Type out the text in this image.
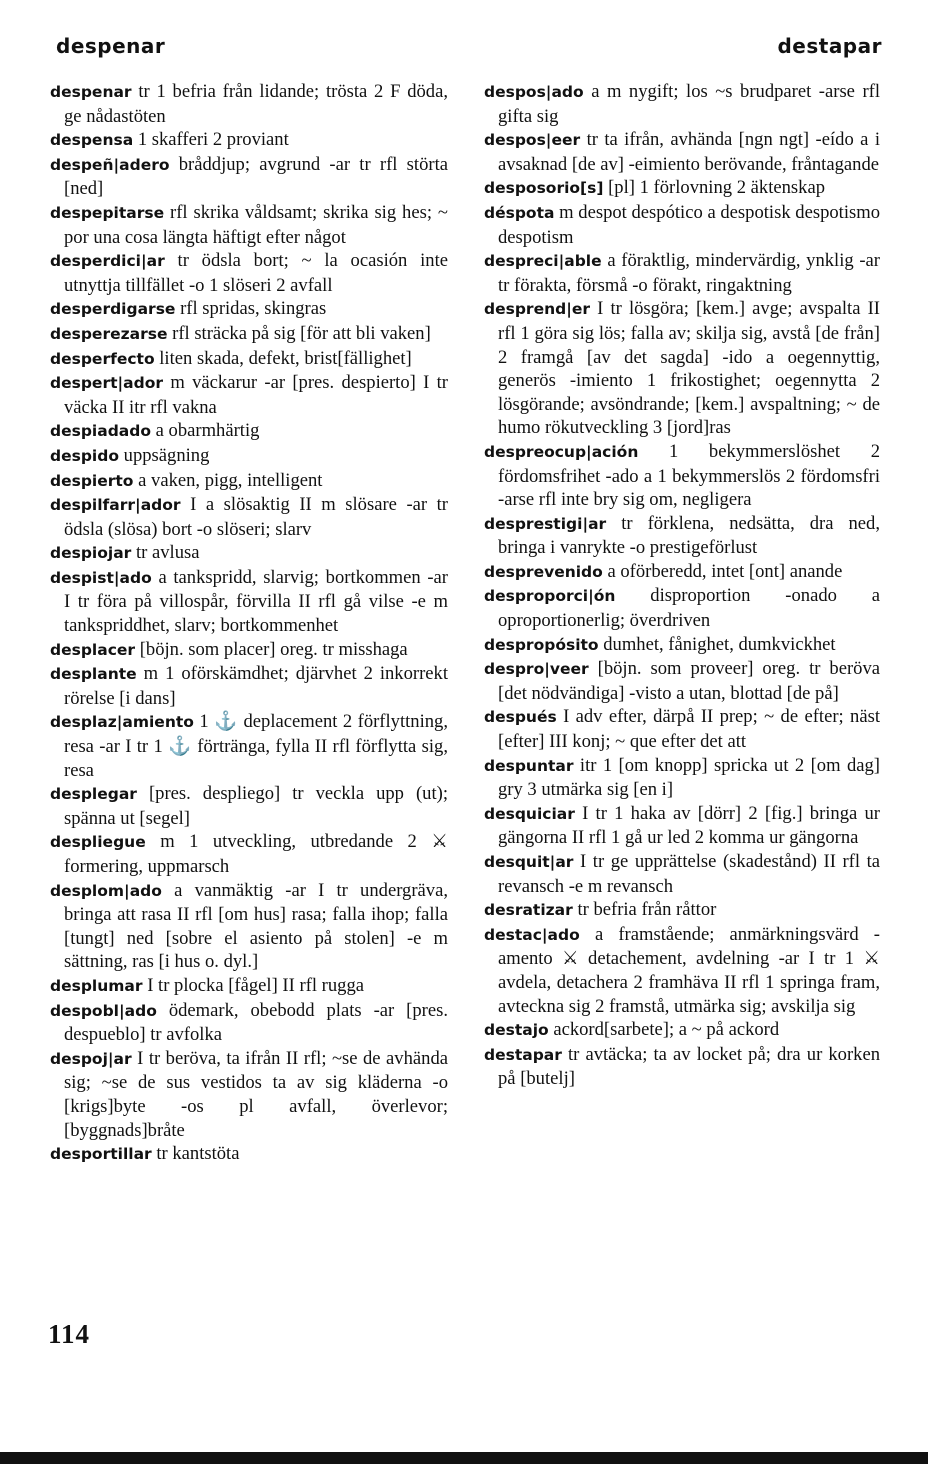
despenar	destapar

despenar tr 1 befria från lidande; trösta 2 F döda, ge nådastöten

despensa 1 skafferi 2 proviant

despeñ|adero bråddjup; avgrund -ar tr rfl störta [ned]

despepitarse rfl skrika våldsamt; skrika sig hes; ~ por una cosa längta häftigt efter något

desperdici|ar tr ödsla bort; ~ la ocasión inte utnyttja tillfället -o 1 slöseri 2 avfall

desperdigarse rfl spridas, skingras

desperezarse rfl sträcka på sig [för att bli vaken]

desperfecto liten skada, defekt, brist[fällighet]

despert|ador m väckarur -ar [pres. despierto] I tr väcka II itr rfl vakna

despiadado a obarmhärtig

despido uppsägning

despierto a vaken, pigg, intelligent

despilfarr|ador I a slösaktig II m slösare -ar tr ödsla (slösa) bort -o slöseri; slarv

despiojar tr avlusa

despist|ado a tankspridd, slarvig; bortkommen -ar I tr föra på villospår, förvilla II rfl gå vilse -e m tankspriddhet, slarv; bortkommenhet

desplacer [böjn. som placer] oreg. tr misshaga

desplante m 1 oförskämdhet; djärvhet 2 inkorrekt rörelse [i dans]

desplaz|amiento 1 ⚓ deplacement 2 förflyttning, resa -ar I tr 1 ⚓ förtränga, fylla II rfl förflytta sig, resa

desplegar [pres. despliego] tr veckla upp (ut); spänna ut [segel]

despliegue m 1 utveckling, utbredande 2 ⚔ formering, uppmarsch

desplom|ado a vanmäktig -ar I tr undergräva, bringa att rasa II rfl [om hus] rasa; falla ihop; falla [tungt] ned [sobre el asiento på stolen] -e m sättning, ras [i hus o. dyl.]

desplumar I tr plocka [fågel] II rfl rugga

despobl|ado ödemark, obebodd plats -ar [pres. despueblo] tr avfolka

despoj|ar I tr beröva, ta ifrån II rfl; ~se de avhända sig; ~se de sus vestidos ta av sig kläderna -o [krigs]byte -os pl avfall, överlevor; [byggnads]bråte

desportillar tr kantstöta

despos|ado a m nygift; los ~s brudparet -arse rfl gifta sig

despos|eer tr ta ifrån, avhända [ngn ngt] -eído a i avsaknad [de av] -eimiento berövande, fråntagande

desposorio[s] [pl] 1 förlovning 2 äktenskap

déspota m despot despótico a despotisk despotismo despotism

despreci|able a föraktlig, mindervärdig, ynklig -ar tr förakta, försmå -o förakt, ringaktning

desprend|er I tr lösgöra; [kem.] avge; avspalta II rfl 1 göra sig lös; falla av; skilja sig, avstå [de från] 2 framgå [av det sagda] -ido a oegennyttig, generös -imiento 1 frikostighet; oegennytta 2 lösgörande; avsöndrande; [kem.] avspaltning; ~ de humo rökutveckling 3 [jord]ras

despreocup|ación 1 bekymmerslöshet 2 fördomsfrihet -ado a 1 bekymmerslös 2 fördomsfri -arse rfl inte bry sig om, negligera

desprestigi|ar tr förklena, nedsätta, dra ned, bringa i vanrykte -o prestigeförlust

desprevenido a oförberedd, intet [ont] anande

desproporci|ón disproportion -onado a oproportionerlig; överdriven

despropósito dumhet, fånighet, dumkvickhet

despro|veer [böjn. som proveer] oreg. tr beröva [det nödvändiga] -visto a utan, blottad [de på]

después I adv efter, därpå II prep; ~ de efter; näst [efter] III konj; ~ que efter det att

despuntar itr 1 [om knopp] spricka ut 2 [om dag] gry 3 utmärka sig [en i]

desquiciar I tr 1 haka av [dörr] 2 [fig.] bringa ur gängorna II rfl 1 gå ur led 2 komma ur gängorna

desquit|ar I tr ge upprättelse (skadestånd) II rfl ta revansch -e m revansch

desratizar tr befria från råttor

destac|ado a framstående; anmärkningsvärd -amento ⚔ detachement, avdelning -ar I tr 1 ⚔ avdela, detachera 2 framhäva II rfl 1 springa fram, avteckna sig 2 framstå, utmärka sig; avskilja sig

destajo ackord[sarbete]; a ~ på ackord

destapar tr avtäcka; ta av locket på; dra ur korken på [butelj]

114
